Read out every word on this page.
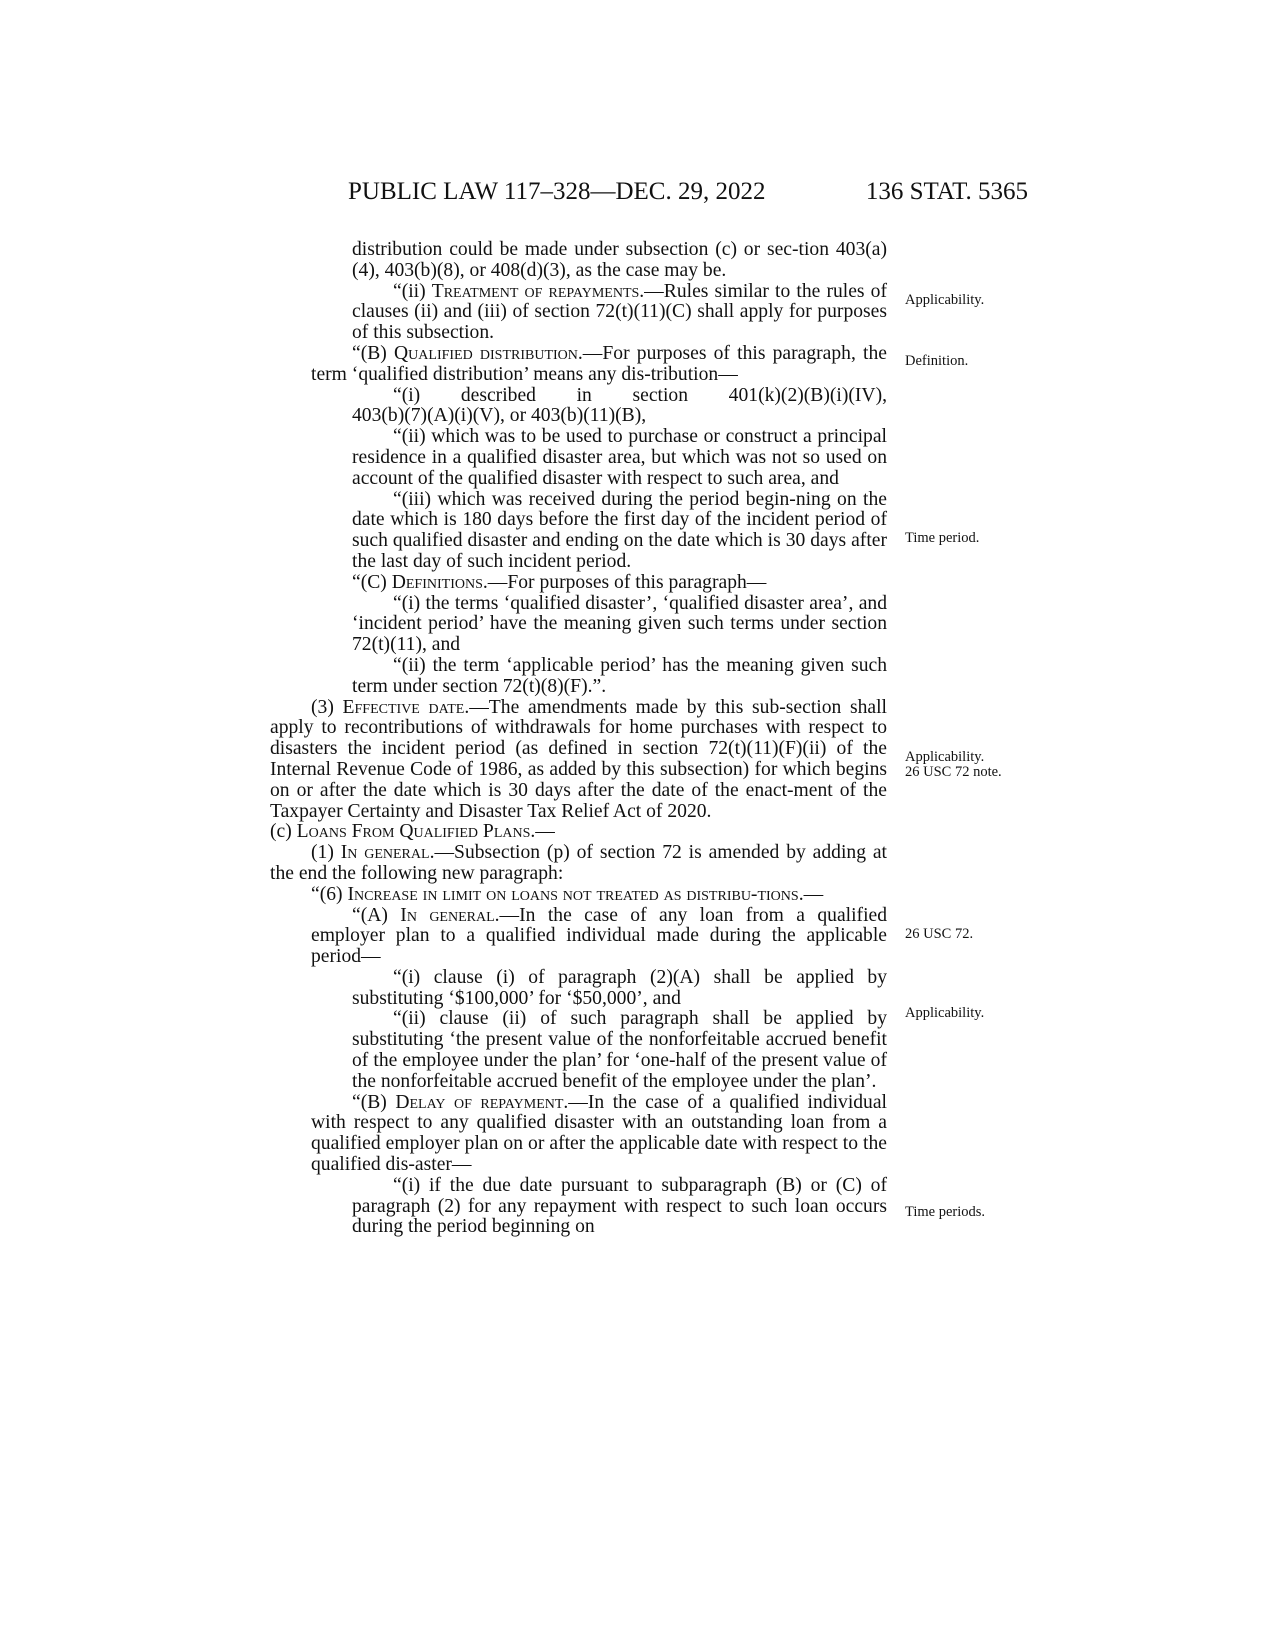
PUBLIC LAW 117–328—DEC. 29, 2022	136 STAT. 5365

distribution could be made under subsection (c) or sec-tion 403(a)(4), 403(b)(8), or 408(d)(3), as the case may be.

“(ii) Treatment of repayments.—Rules similar to the rules of clauses (ii) and (iii) of section 72(t)(11)(C) shall apply for purposes of this subsection.

“(B) Qualified distribution.—For purposes of this paragraph, the term ‘qualified distribution’ means any dis-tribution—

“(i) described in section 401(k)(2)(B)(i)(IV),

403(b)(7)(A)(i)(V), or 403(b)(11)(B),

“(ii) which was to be used to purchase or construct a principal residence in a qualified disaster area, but which was not so used on account of the qualified disaster with respect to such area, and

“(iii) which was received during the period begin-ning on the date which is 180 days before the first day of the incident period of such qualified disaster and ending on the date which is 30 days after the last day of such incident period.

“(C) Definitions.—For purposes of this paragraph—

“(i) the terms ‘qualified disaster’, ‘qualified disaster area’, and ‘incident period’ have the meaning given such terms under section 72(t)(11), and

“(ii) the term ‘applicable period’ has the meaning given such term under section 72(t)(8)(F).”.

(3) Effective date.—The amendments made by this sub-section shall apply to recontributions of withdrawals for home purchases with respect to disasters the incident period (as defined in section 72(t)(11)(F)(ii) of the Internal Revenue Code of 1986, as added by this subsection) for which begins on or after the date which is 30 days after the date of the enact-ment of the Taxpayer Certainty and Disaster Tax Relief Act of 2020.

(c) Loans From Qualified Plans.—

(1) In general.—Subsection (p) of section 72 is amended by adding at the end the following new paragraph:

“(6) Increase in limit on loans not treated as distribu-tions.—

“(A) In general.—In the case of any loan from a qualified employer plan to a qualified individual made during the applicable period—

“(i) clause (i) of paragraph (2)(A) shall be applied by substituting ‘$100,000’ for ‘$50,000’, and

“(ii) clause (ii) of such paragraph shall be applied by substituting ‘the present value of the nonforfeitable accrued benefit of the employee under the plan’ for ‘one-half of the present value of the nonforfeitable accrued benefit of the employee under the plan’.

“(B) Delay of repayment.—In the case of a qualified individual with respect to any qualified disaster with an outstanding loan from a qualified employer plan on or after the applicable date with respect to the qualified dis-aster—

“(i) if the due date pursuant to subparagraph (B) or (C) of paragraph (2) for any repayment with respect to such loan occurs during the period beginning on

Applicability.
Definition.
Time period.
Applicability.
26 USC 72 note.
26 USC 72.
Applicability.
Time periods.
